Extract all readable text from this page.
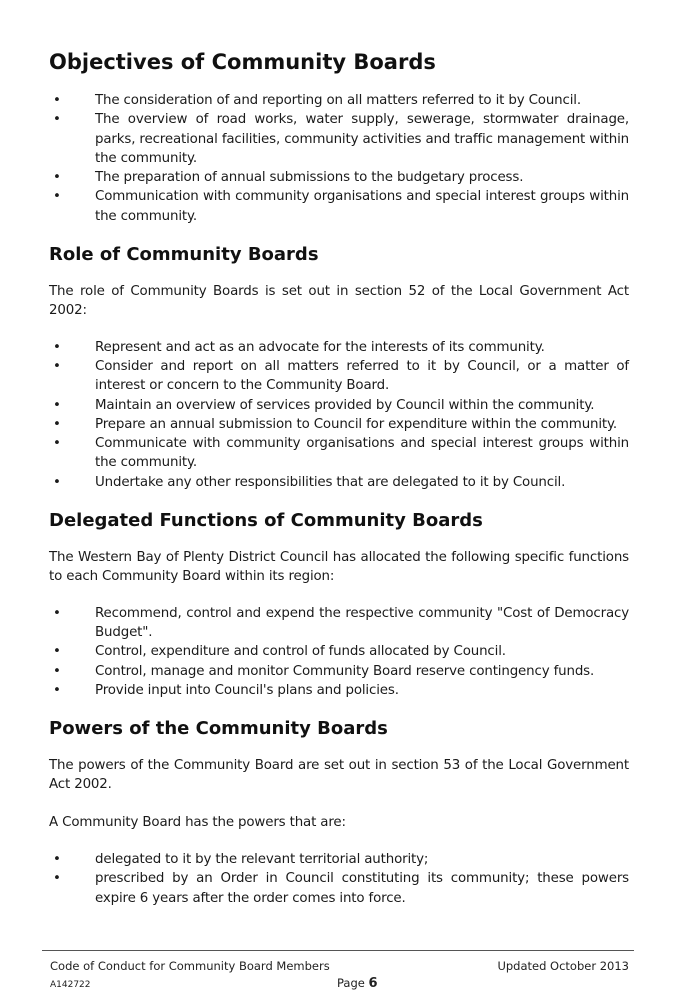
Objectives of Community Boards
•	The consideration of and reporting on all matters referred to it by Council.
•	The overview of road works, water supply, sewerage, stormwater drainage, parks, recreational facilities, community activities and traffic management within the community.
•	The preparation of annual submissions to the budgetary process.
•	Communication with community organisations and special interest groups within the community.
Role of Community Boards

The role of Community Boards is set out in section 52 of the Local Government Act 2002:

•	Represent and act as an advocate for the interests of its community.
•	Consider and report on all matters referred to it by Council, or a matter of interest or concern to the Community Board.
•	Maintain an overview of services provided by Council within the community.
•	Prepare an annual submission to Council for expenditure within the community.
•	Communicate with community organisations and special interest groups within the community.
•	Undertake any other responsibilities that are delegated to it by Council.
Delegated Functions of Community Boards

The Western Bay of Plenty District Council has allocated the following specific functions to each Community Board within its region:

•	Recommend, control and expend the respective community "Cost of Democracy Budget".
•	Control, expenditure and control of funds allocated by Council.
•	Control, manage and monitor Community Board reserve contingency funds.
•	Provide input into Council's plans and policies.
Powers of the Community Boards

The powers of the Community Board are set out in section 53 of the Local Government Act 2002.

A Community Board has the powers that are:

•	delegated to it by the relevant territorial authority;
•	prescribed by an Order in Council constituting its community; these powers expire 6 years after the order comes into force.
Code of Conduct for Community Board Members	Updated October 2013
A142722	Page 6
